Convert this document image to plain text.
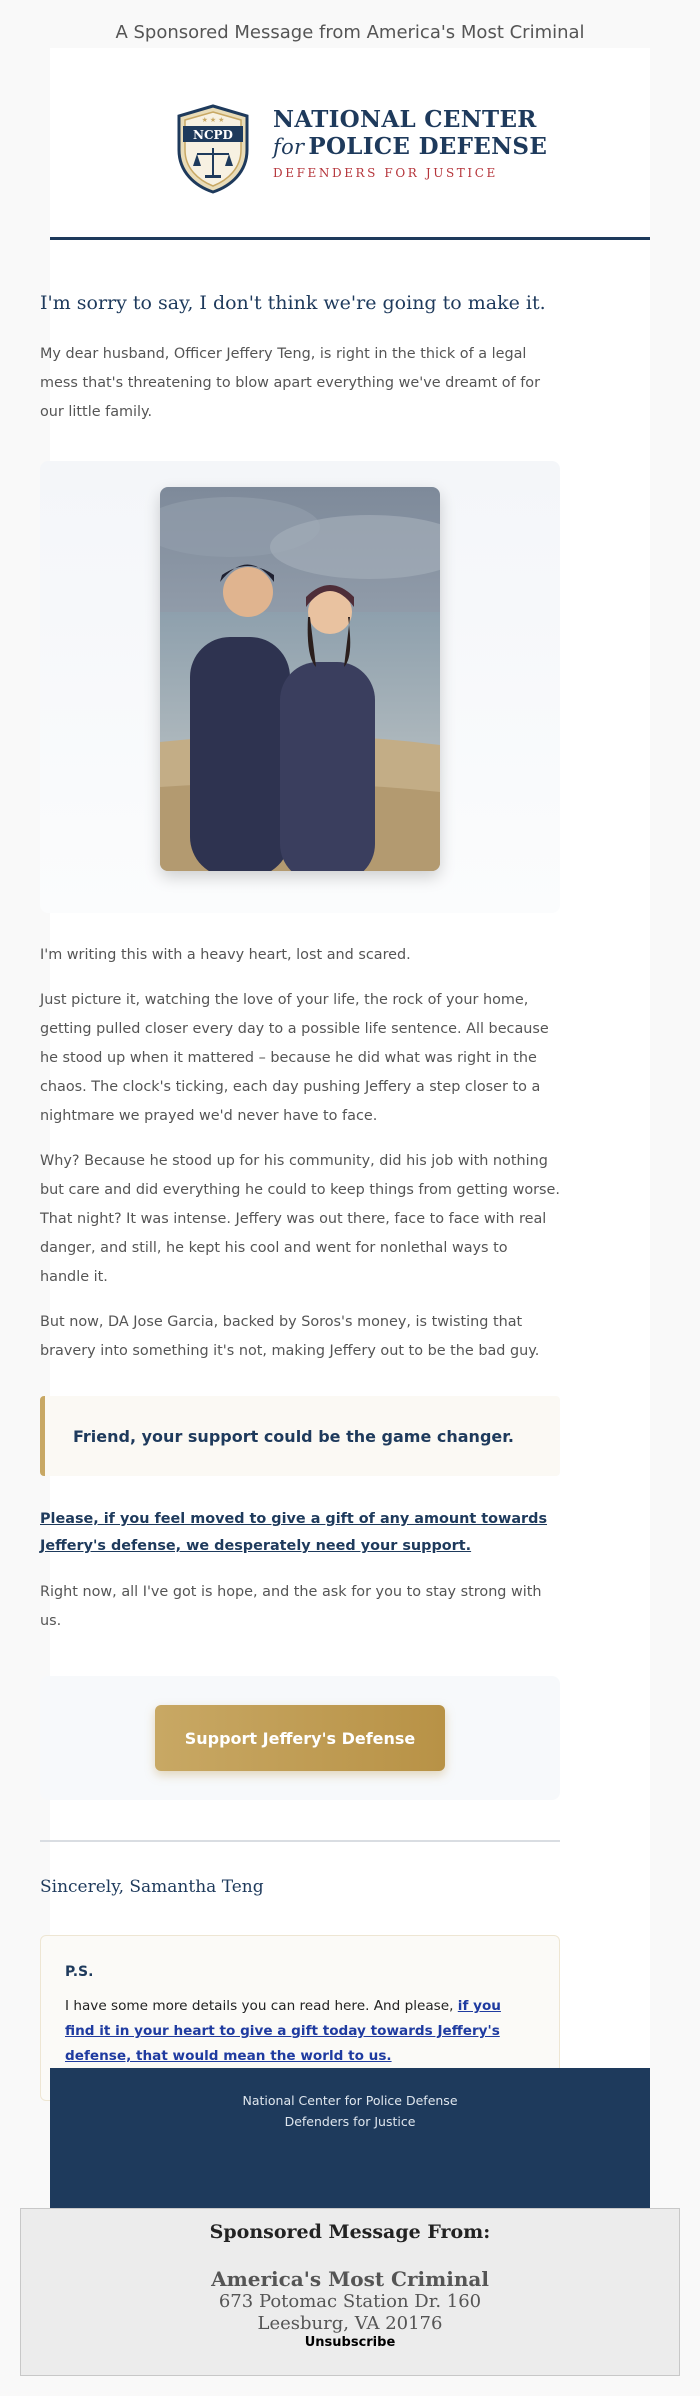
A Sponsored Message from America's Most Criminal
NCPD
★ ★ ★ NATIONAL CENTER
for POLICE DEFENSE
DEFENDERS FOR JUSTICE
I'm sorry to say, I don't think we're going to make it.

My dear husband, Officer Jeffery Teng, is right in the thick of a legal mess that's threatening to blow apart everything we've dreamt of for our little family.

I'm writing this with a heavy heart, lost and scared.

Just picture it, watching the love of your life, the rock of your home, getting pulled closer every day to a possible life sentence. All because he stood up when it mattered – because he did what was right in the chaos. The clock's ticking, each day pushing Jeffery a step closer to a nightmare we prayed we'd never have to face.

Why? Because he stood up for his community, did his job with nothing but care and did everything he could to keep things from getting worse. That night? It was intense. Jeffery was out there, face to face with real danger, and still, he kept his cool and went for nonlethal ways to handle it.

But now, DA Jose Garcia, backed by Soros's money, is twisting that bravery into something it's not, making Jeffery out to be the bad guy.

Friend, your support could be the game changer.
Please, if you feel moved to give a gift of any amount towards Jeffery's defense, we desperately need your support.

Right now, all I've got is hope, and the ask for you to stay strong with us.

Support Jeffery's Defense
Sincerely, Samantha Teng
P.S.
I have some more details you can read here. And please, if you find it in your heart to give a gift today towards Jeffery's defense, that would mean the world to us.
National Center for Police Defense
Defenders for Justice
Sponsored Message From:
America's Most Criminal
673 Potomac Station Dr. 160
Leesburg, VA 20176
Unsubscribe
